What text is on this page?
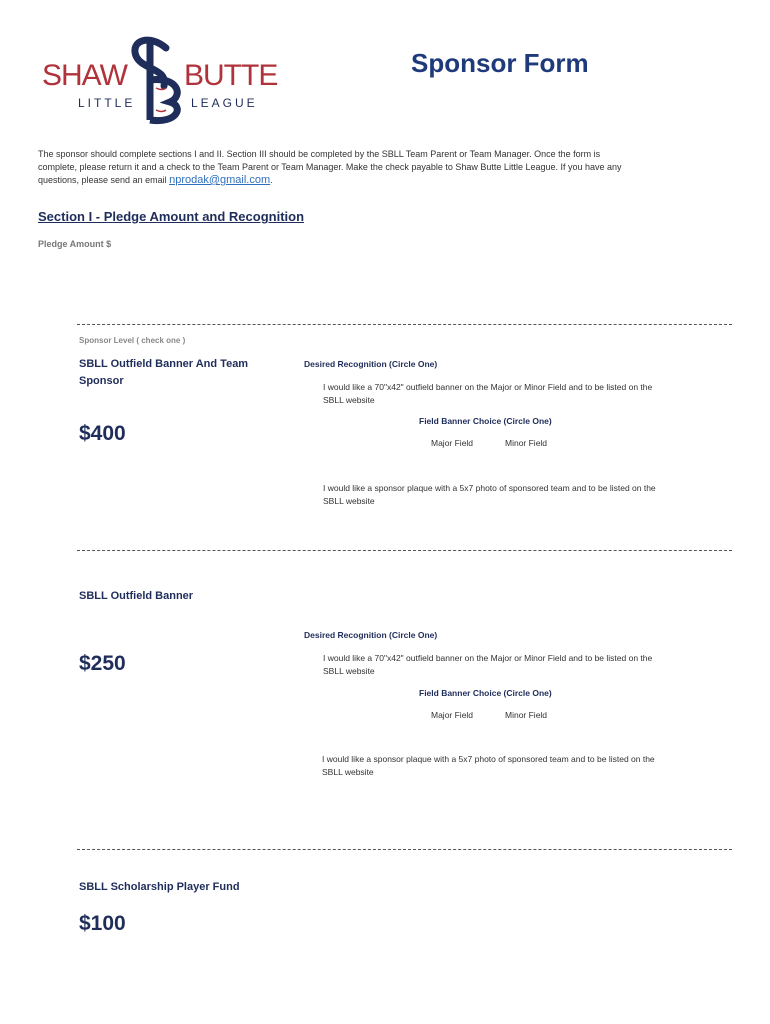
SHAW BUTTE
LITTLE	LEAGUE
Sponsor Form
The sponsor should complete sections I and II. Section III should be completed by the SBLL Team Parent or Team Manager. Once the form is
complete, please return it and a check to the Team Parent or Team Manager. Make the check payable to Shaw Butte Little League. If you have any
questions, please send an email nprodak@gmail.com.
Section I - Pledge Amount and Recognition
Pledge Amount $
Sponsor Level ( check one )
SBLL Outfield Banner And Team
Sponsor
$400
Desired Recognition (Circle One)
I would like a 70"x42" outfield banner on the Major or Minor Field and to be listed on the
SBLL website
Field Banner Choice (Circle One)
Major Field	Minor Field
I would like a sponsor plaque with a 5x7 photo of sponsored team and to be listed on the
SBLL website
SBLL Outfield Banner
$250
Desired Recognition (Circle One)
I would like a 70"x42" outfield banner on the Major or Minor Field and to be listed on the
SBLL website
Field Banner Choice (Circle One)
Major Field	Minor Field
I would like a sponsor plaque with a 5x7 photo of sponsored team and to be listed on the
SBLL website
SBLL Scholarship Player Fund
$100
